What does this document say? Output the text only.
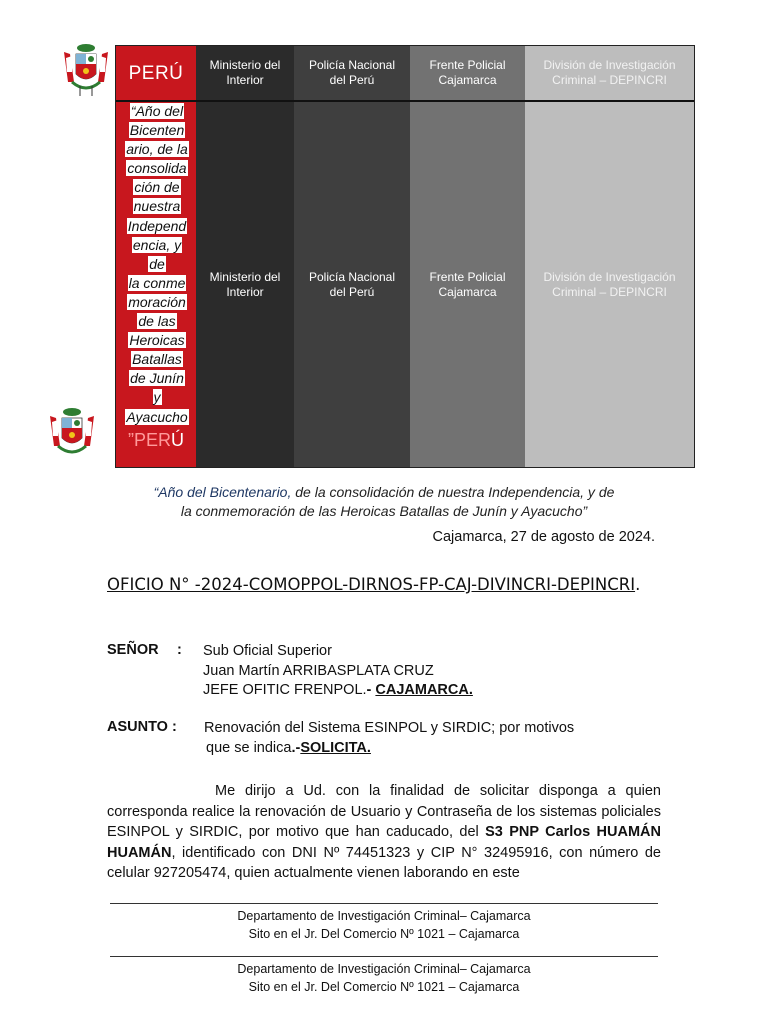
PERÚ	Ministerio del Interior
Policía Nacional del Perú
Frente Policial Cajamarca
División de Investigación Criminal – DEPINCRI
Ministerio del Interior
Policía Nacional del Perú
Frente Policial Cajamarca
División de Investigación Criminal – DEPINCRI
“Año del
Bicenten
ario, de la
consolida
ción de
nuestra
Independ
encia, y
de
la conme
moración
de las
Heroicas
Batallas
de Junín
y
Ayacucho
”PERÚ
“Año del Bicentenario, de la consolidación de nuestra Independencia, y de
la conmemoración de las Heroicas Batallas de Junín y Ayacucho”
Cajamarca, 27 de agosto de 2024.
OFICIO N° -2024-COMOPPOL-DIRNOS-FP-CAJ-DIVINCRI-DEPINCRI.
SEÑOR : Sub Oficial Superior
Juan Martín ARRIBASPLATA CRUZ
JEFE OFITIC FRENPOL.- CAJAMARCA.
ASUNTO : Renovación del Sistema ESINPOL y SIRDIC; por motivos
que se indica.-SOLICITA.
Me dirijo a Ud. con la finalidad de solicitar disponga a quien corresponda realice la renovación de Usuario y Contraseña de los sistemas policiales ESINPOL y SIRDIC, por motivo que han caducado, del S3 PNP Carlos HUAMÁN HUAMÁN, identificado con DNI Nº 74451323 y CIP N° 32495916, con número de celular 927205474, quien actualmente vienen laborando en este
Departamento de Investigación Criminal– Cajamarca
Sito en el Jr. Del Comercio Nº 1021 – Cajamarca
Departamento de Investigación Criminal– Cajamarca
Sito en el Jr. Del Comercio Nº 1021 – Cajamarca
